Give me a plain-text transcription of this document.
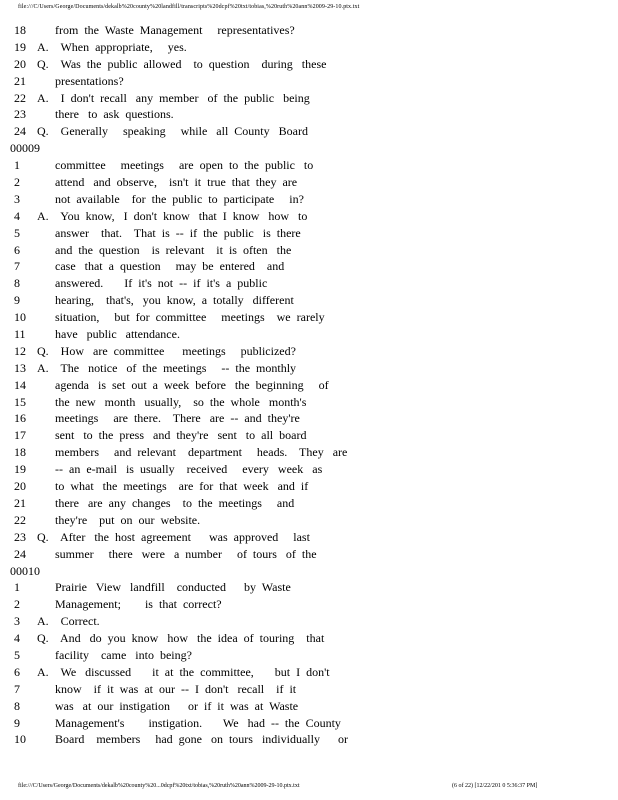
file:///C/Users/George/Documents/dekalb%20county%20landfill/transcripts%20dcpf%20txt/tobias,%20ruth%20ann%2009-29-10.ptx.txt
18 from  the  Waste  Management     representatives?
19 A.    When  appropriate,     yes.
20 Q.    Was  the  public  allowed    to  question    during   these
21 presentations?
22 A.    I  don't  recall   any  member   of  the  public   being
23 there   to  ask  questions.
24 Q.    Generally     speaking     while   all  County   Board
00009
1	committee     meetings     are  open  to  the  public   to
2	attend   and  observe,    isn't  it  true  that  they  are
3	not  available    for  the  public  to  participate     in?
4 A.    You  know,   I  don't  know   that  I  know   how   to
5	answer    that.    That  is  --  if  the  public   is  there
6	and  the  question    is  relevant    it  is  often   the
7	case   that  a  question     may  be  entered    and
8	answered.       If  it's  not  --  if  it's  a  public
9	hearing,    that's,   you  know,  a  totally   different
10 situation,     but  for  committee     meetings    we  rarely
11 have   public   attendance.
12 Q.    How   are  committee      meetings     publicized?
13 A.    The   notice   of  the  meetings     --  the  monthly
14 agenda   is  set  out  a  week  before   the  beginning     of
15 the  new   month   usually,    so  the  whole   month's
16 meetings     are  there.    There   are  --  and  they're
17 sent   to  the  press   and  they're   sent   to  all  board
18 members     and  relevant    department     heads.    They   are
19 --  an  e-mail   is  usually    received     every   week   as
20 to  what   the  meetings    are  for  that  week   and  if
21 there   are  any  changes    to  the  meetings     and
22 they're    put  on  our  website.
23 Q.    After   the  host  agreement      was  approved     last
24 summer     there   were   a  number     of  tours   of  the
00010
1	Prairie   View   landfill    conducted      by  Waste
2	Management;        is  that  correct?
3 A.    Correct.
4 Q.    And   do  you  know   how   the  idea  of  touring    that
5	facility    came   into  being?
6 A.    We   discussed       it  at  the  committee,       but  I  don't
7	know    if  it  was  at  our  --  I  don't   recall    if  it
8	was   at  our  instigation      or  if  it  was  at  Waste
9	Management's        instigation.       We   had  --  the  County
10 Board    members     had  gone   on  tours   individually      or
file:///C/Users/George/Documents/dekalb%20county%20...0dcpf%20txt/tobias,%20ruth%20ann%2009-29-10.ptx.txt	(6 of 22) [12/22/201 0 5:36:37 PM]
